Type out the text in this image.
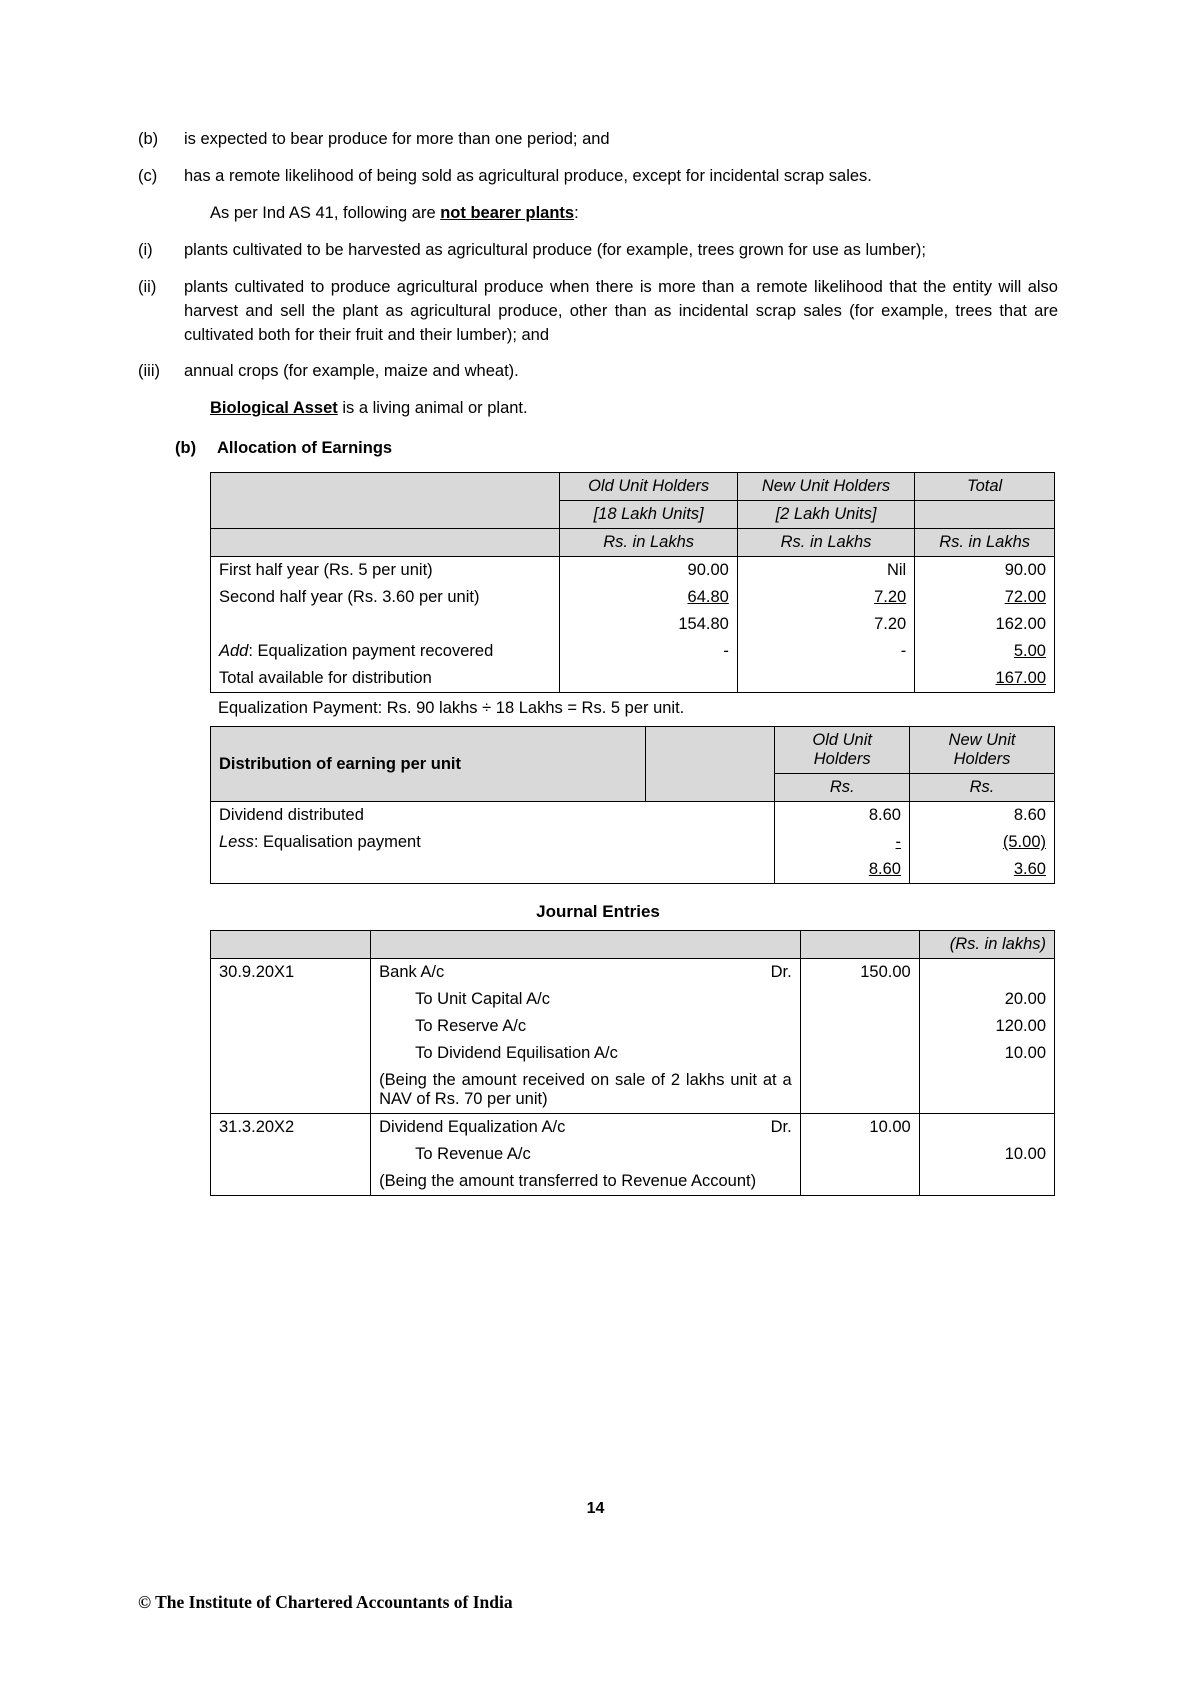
(b)	is expected to bear produce for more than one period; and
(c)	has a remote likelihood of being sold as agricultural produce, except for incidental scrap sales.
As per Ind AS 41, following are not bearer plants:
(i)	plants cultivated to be harvested as agricultural produce (for example, trees grown for use as lumber);
(ii)	plants cultivated to produce agricultural produce when there is more than a remote likelihood that the entity will also harvest and sell the plant as agricultural produce, other than as incidental scrap sales (for example, trees that are cultivated both for their fruit and their lumber); and
(iii)	annual crops (for example, maize and wheat).
Biological Asset is a living animal or plant.
(b)	Allocation of Earnings
	Old Unit Holders	New Unit Holders	Total
	[18 Lakh Units]	[2 Lakh Units]	
	Rs. in Lakhs	Rs. in Lakhs	Rs. in Lakhs
First half year (Rs. 5 per unit)	90.00	Nil	90.00
Second half year (Rs. 3.60 per unit)	64.80	7.20	72.00
	154.80	7.20	162.00
Add: Equalization payment recovered	-	-	5.00
Total available for distribution			167.00
Equalization Payment: Rs. 90 lakhs ÷ 18 Lakhs = Rs. 5 per unit.
Distribution of earning per unit		Old Unit Holders	New Unit Holders
		Rs.	Rs.
Dividend distributed		8.60	8.60
Less: Equalisation payment		-	(5.00)
		8.60	3.60
Journal Entries
			(Rs. in lakhs)
30.9.20X1	Bank A/c Dr.	150.00	
	To Unit Capital A/c		20.00
	To Reserve A/c		120.00
	To Dividend Equilisation A/c		10.00
	(Being the amount received on sale of 2 lakhs unit at a NAV of Rs. 70 per unit)		
31.3.20X2	Dividend Equalization A/c Dr.	10.00	
	To Revenue A/c		10.00
	(Being the amount transferred to Revenue Account)		
14
© The Institute of Chartered Accountants of India
